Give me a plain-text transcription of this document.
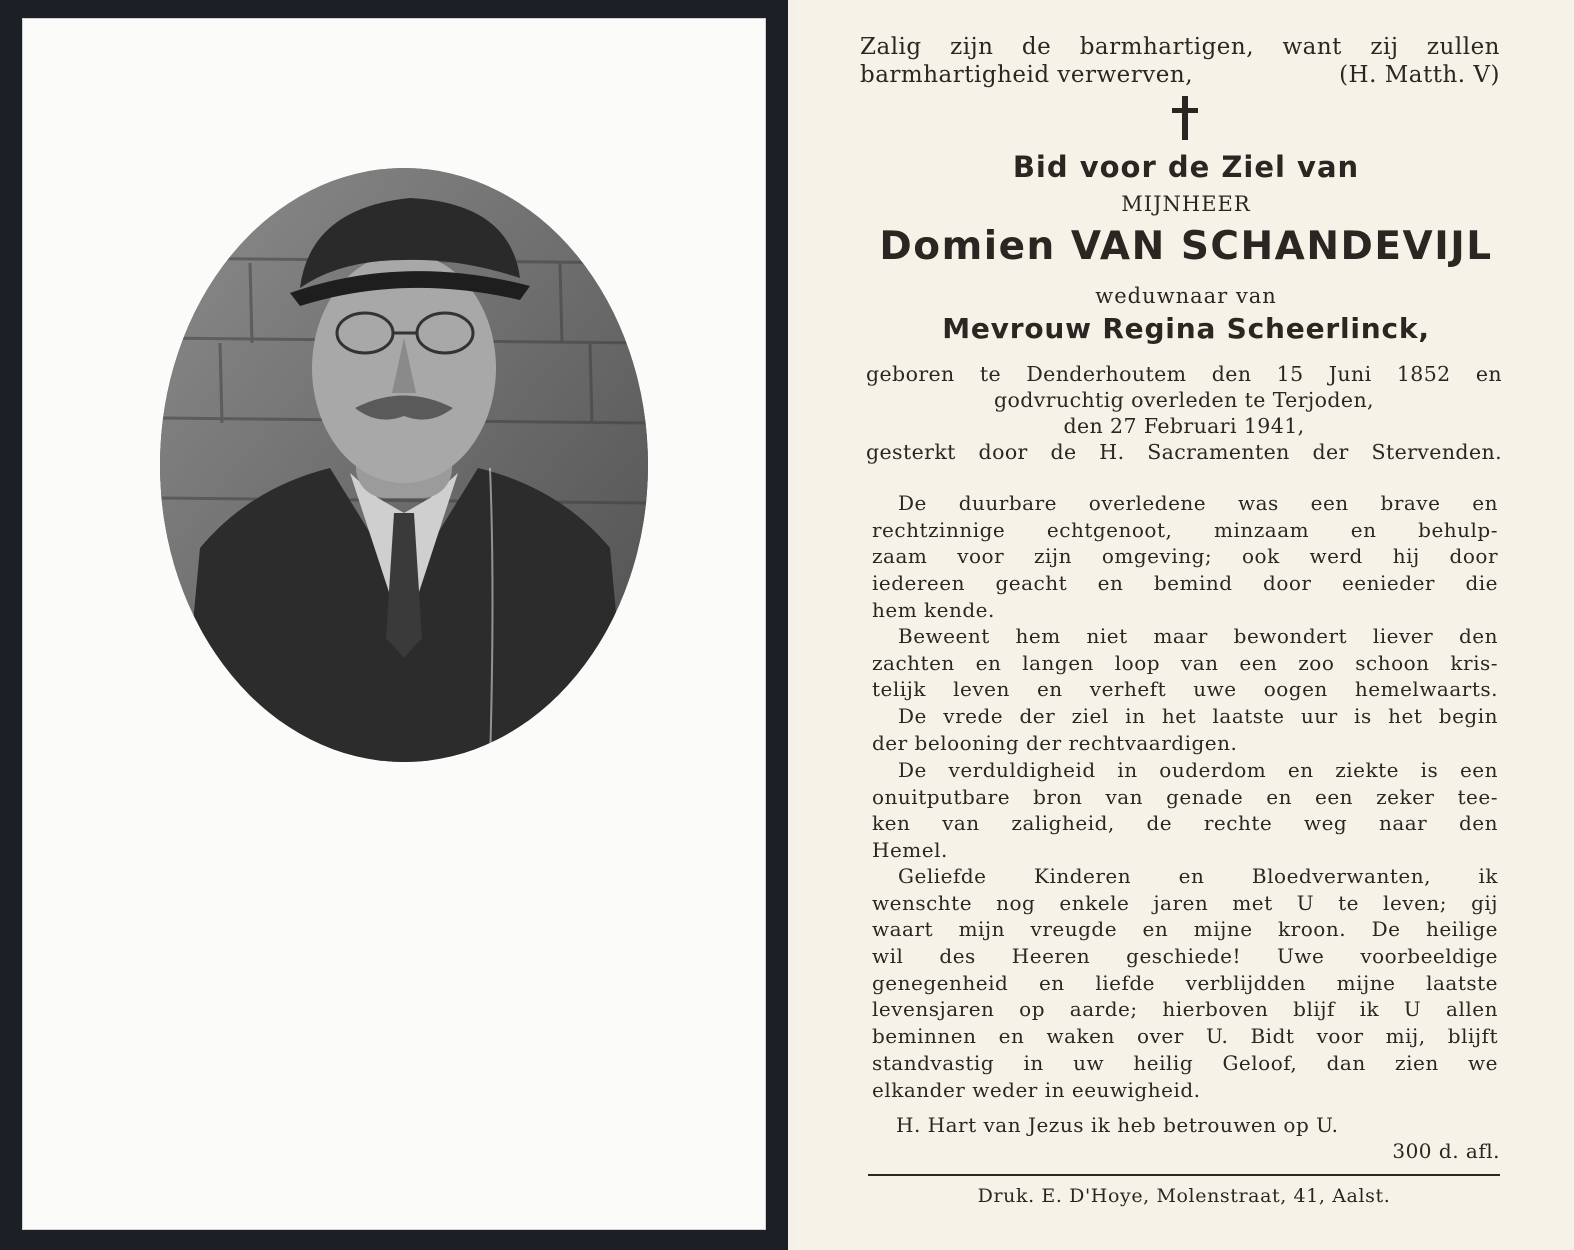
Zalig zijn de barmhartigen, want zij zullen
barmhartigheid verwerven,	(H. Matth. V)
Bid voor de Ziel van
MIJNHEER
Domien VAN SCHANDEVIJL
weduwnaar van
Mevrouw Regina Scheerlinck,
geboren te Denderhoutem den 15 Juni 1852 en
godvruchtig overleden te Terjoden,
den 27 Februari 1941,
gesterkt door de H. Sacramenten der Stervenden.
De duurbare overledene was een brave en
rechtzinnige echtgenoot, minzaam en behulp-
zaam voor zijn omgeving; ook werd hij door
iedereen geacht en bemind door eenieder die
hem kende.
Beweent hem niet maar bewondert liever den
zachten en langen loop van een zoo schoon kris-
telijk leven en verheft uwe oogen hemelwaarts.
De vrede der ziel in het laatste uur is het begin
der belooning der rechtvaardigen.
De verduldigheid in ouderdom en ziekte is een
onuitputbare bron van genade en een zeker tee-
ken van zaligheid, de rechte weg naar den
Hemel.
Geliefde Kinderen en Bloedverwanten, ik
wenschte nog enkele jaren met U te leven; gij
waart mijn vreugde en mijne kroon. De heilige
wil des Heeren geschiede! Uwe voorbeeldige
genegenheid en liefde verblijdden mijne laatste
levensjaren op aarde; hierboven blijf ik U allen
beminnen en waken over U. Bidt voor mij, blijft
standvastig in uw heilig Geloof, dan zien we
elkander weder in eeuwigheid.
H. Hart van Jezus ik heb betrouwen op U.
300 d. afl.
Druk. E. D'Hoye, Molenstraat, 41, Aalst.
